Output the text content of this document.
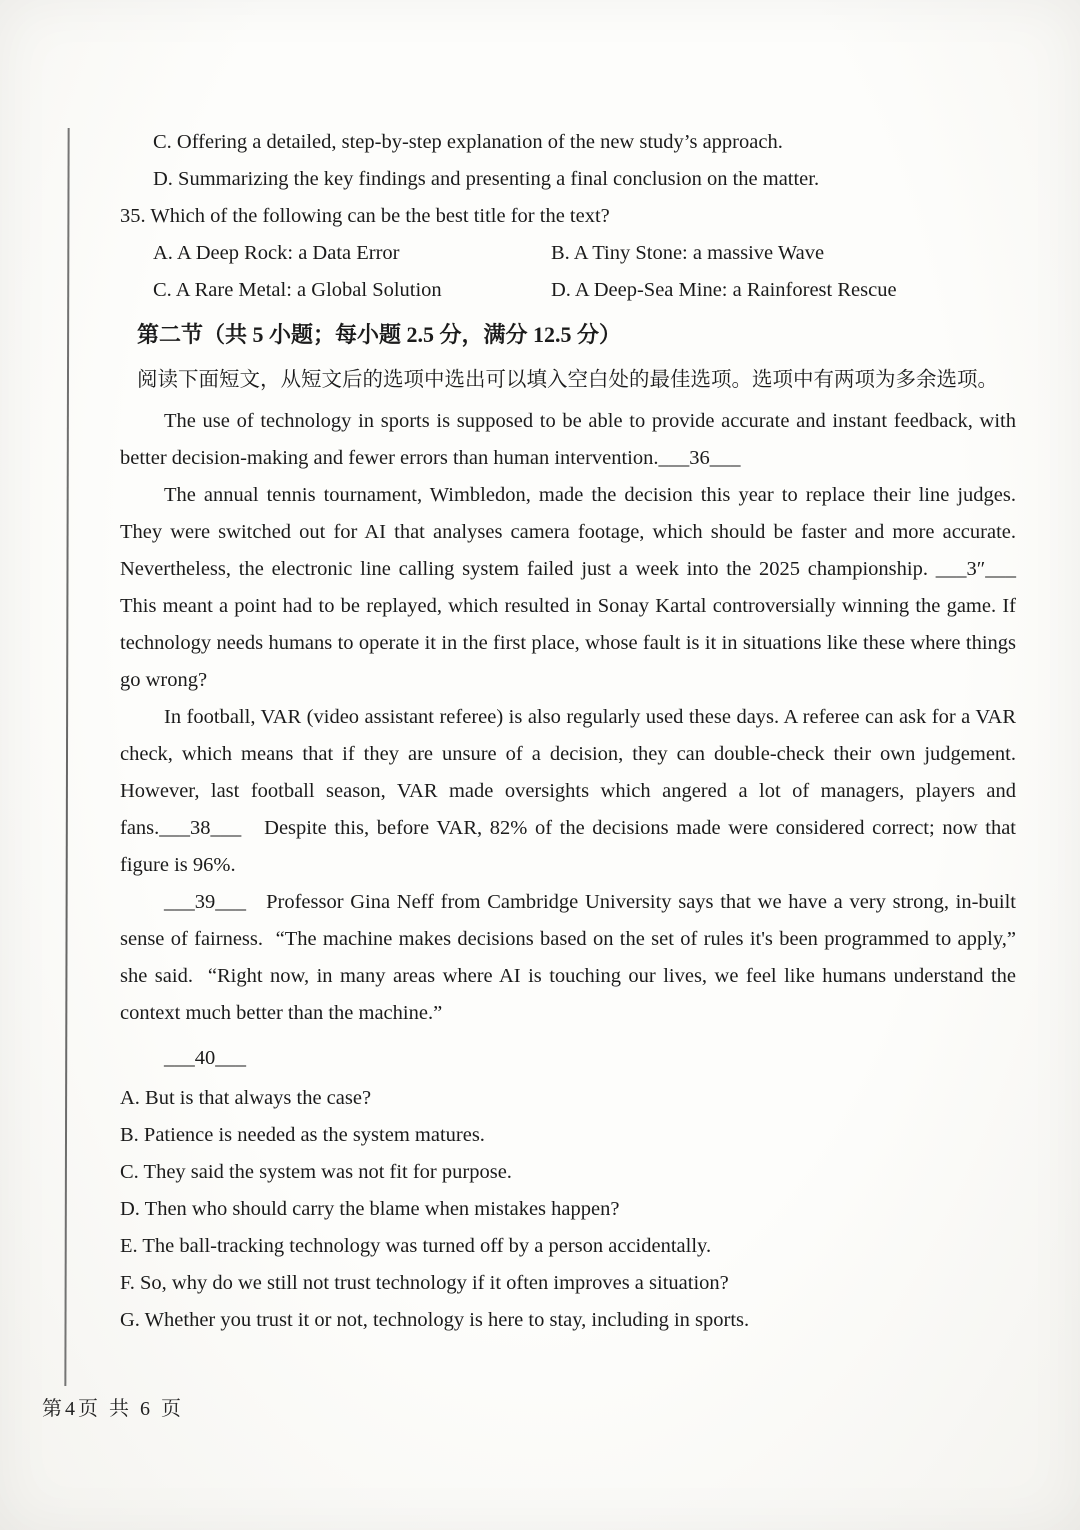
C. Offering a detailed, step-by-step explanation of the new study’s approach.
D. Summarizing the key findings and presenting a final conclusion on the matter.
35. Which of the following can be the best title for the text?
A. A Deep Rock: a Data Error	B. A Tiny Stone: a massive Wave
C. A Rare Metal: a Global Solution	D. A Deep-Sea Mine: a Rainforest Rescue
第二节（共 5 小题；每小题 2.5 分，满分 12.5 分）
阅读下面短文，从短文后的选项中选出可以填入空白处的最佳选项。选项中有两项为多余选项。

The use of technology in sports is supposed to be able to provide accurate and instant feedback, with better decision-making and fewer errors than human intervention.___36___

The annual tennis tournament, Wimbledon, made the decision this year to replace their line judges. They were switched out for AI that analyses camera footage, which should be faster and more accurate. Nevertheless, the electronic line calling system failed just a week into the 2025 championship. ___3″___   This meant a point had to be replayed, which resulted in Sonay Kartal controversially winning the game. If technology needs humans to operate it in the first place, whose fault is it in situations like these where things go wrong?

In football, VAR (video assistant referee) is also regularly used these days. A referee can ask for a VAR check, which means that if they are unsure of a decision, they can double-check their own judgement. However, last football season, VAR made oversights which angered a lot of managers, players and fans.___38___   Despite this, before VAR, 82% of the decisions made were considered correct; now that figure is 96%.

___39___   Professor Gina Neff from Cambridge University says that we have a very strong, in-built sense of fairness.  “The machine makes decisions based on the set of rules it's been programmed to apply,”  she said.  “Right now, in many areas where AI is touching our lives, we feel like humans understand the context much better than the machine.”

___40___
A. But is that always the case?
B. Patience is needed as the system matures.
C. They said the system was not fit for purpose.
D. Then who should carry the blame when mistakes happen?
E. The ball-tracking technology was turned off by a person accidentally.
F. So, why do we still not trust technology if it often improves a situation?
G. Whether you trust it or not, technology is here to stay, including in sports.
第4页 共 6 页
